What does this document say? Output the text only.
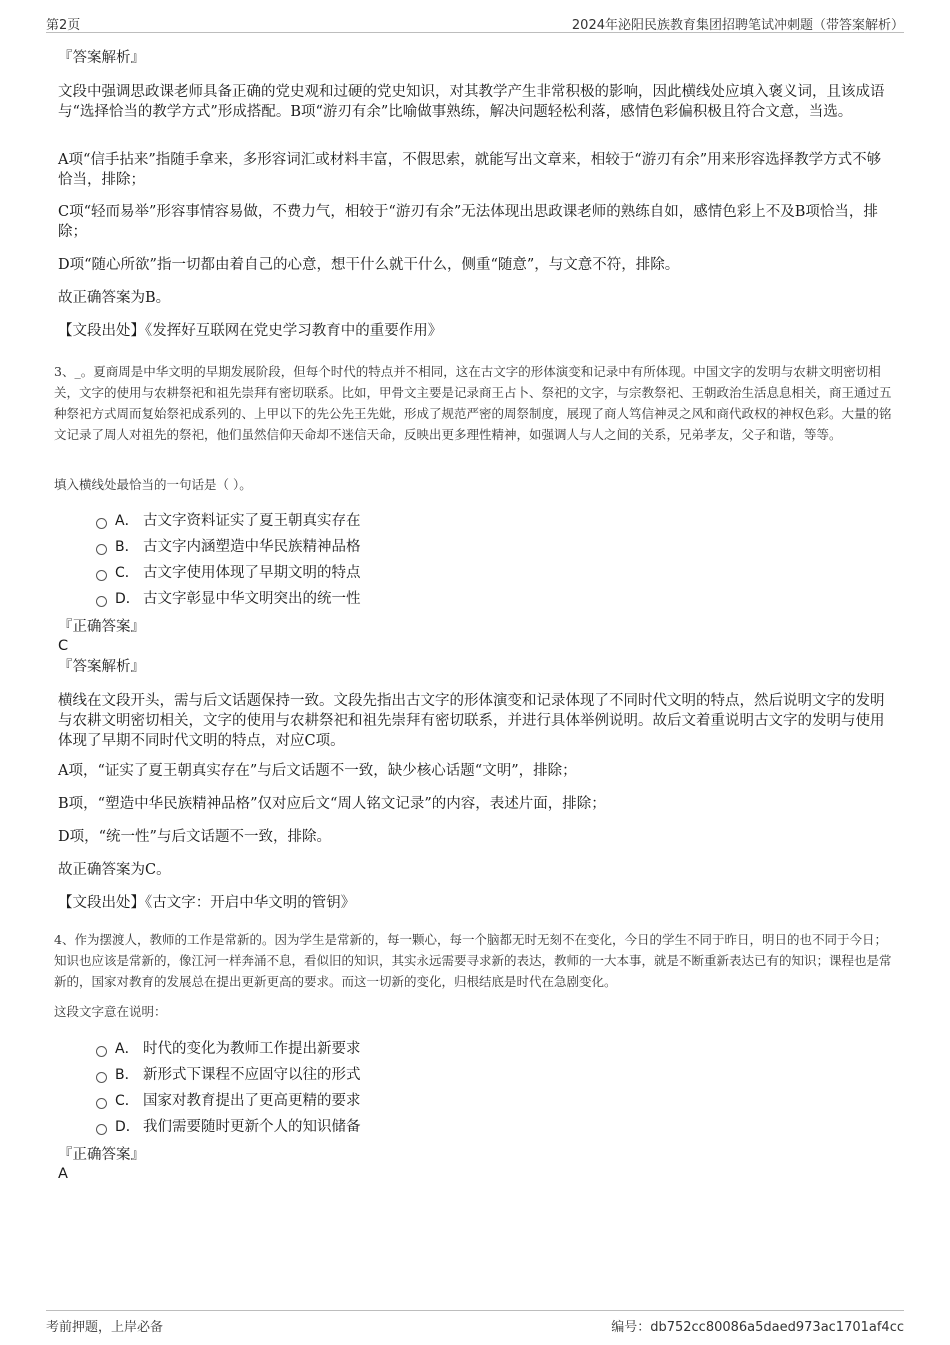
第2页	2024年泌阳民族教育集团招聘笔试冲刺题（带答案解析）
『答案解析』
文段中强调思政课老师具备正确的党史观和过硬的党史知识，对其教学产生非常积极的影响，因此横线处应填入褒义词，且该成语与“选择恰当的教学方式”形成搭配。B项“游刃有余”比喻做事熟练，解决问题轻松利落，感情色彩偏积极且符合文意，当选。
A项“信手拈来”指随手拿来，多形容词汇或材料丰富，不假思索，就能写出文章来，相较于“游刃有余”用来形容选择教学方式不够恰当，排除；
C项“轻而易举”形容事情容易做，不费力气，相较于“游刃有余”无法体现出思政课老师的熟练自如，感情色彩上不及B项恰当，排除；
D项“随心所欲”指一切都由着自己的心意，想干什么就干什么，侧重“随意”，与文意不符，排除。
故正确答案为B。
【文段出处】《发挥好互联网在党史学习教育中的重要作用》
3、_。夏商周是中华文明的早期发展阶段，但每个时代的特点并不相同，这在古文字的形体演变和记录中有所体现。中国文字的发明与农耕文明密切相关，文字的使用与农耕祭祀和祖先崇拜有密切联系。比如，甲骨文主要是记录商王占卜、祭祀的文字，与宗教祭祀、王朝政治生活息息相关，商王通过五种祭祀方式周而复始祭祀成系列的、上甲以下的先公先王先妣，形成了规范严密的周祭制度，展现了商人笃信神灵之风和商代政权的神权色彩。大量的铭文记录了周人对祖先的祭祀，他们虽然信仰天命却不迷信天命，反映出更多理性精神，如强调人与人之间的关系，兄弟孝友，父子和谐，等等。
填入横线处最恰当的一句话是（ ）。
A． 古文字资料证实了夏王朝真实存在
B． 古文字内涵塑造中华民族精神品格
C． 古文字使用体现了早期文明的特点
D． 古文字彰显中华文明突出的统一性
『正确答案』
C
『答案解析』
横线在文段开头，需与后文话题保持一致。文段先指出古文字的形体演变和记录体现了不同时代文明的特点，然后说明文字的发明与农耕文明密切相关，文字的使用与农耕祭祀和祖先崇拜有密切联系，并进行具体举例说明。故后文着重说明古文字的发明与使用体现了早期不同时代文明的特点，对应C项。
A项，“证实了夏王朝真实存在”与后文话题不一致，缺少核心话题“文明”，排除；
B项，“塑造中华民族精神品格”仅对应后文“周人铭文记录”的内容，表述片面，排除；
D项，“统一性”与后文话题不一致，排除。
故正确答案为C。
【文段出处】《古文字：开启中华文明的管钥》
4、作为摆渡人，教师的工作是常新的。因为学生是常新的，每一颗心，每一个脑都无时无刻不在变化，今日的学生不同于昨日，明日的也不同于今日；知识也应该是常新的，像江河一样奔涌不息，看似旧的知识，其实永远需要寻求新的表达，教师的一大本事，就是不断重新表达已有的知识；课程也是常新的，国家对教育的发展总在提出更新更高的要求。而这一切新的变化，归根结底是时代在急剧变化。
这段文字意在说明：
A． 时代的变化为教师工作提出新要求
B． 新形式下课程不应固守以往的形式
C． 国家对教育提出了更高更精的要求
D． 我们需要随时更新个人的知识储备
『正确答案』
A
考前押题，上岸必备	编号：db752cc80086a5daed973ac1701af4cc
